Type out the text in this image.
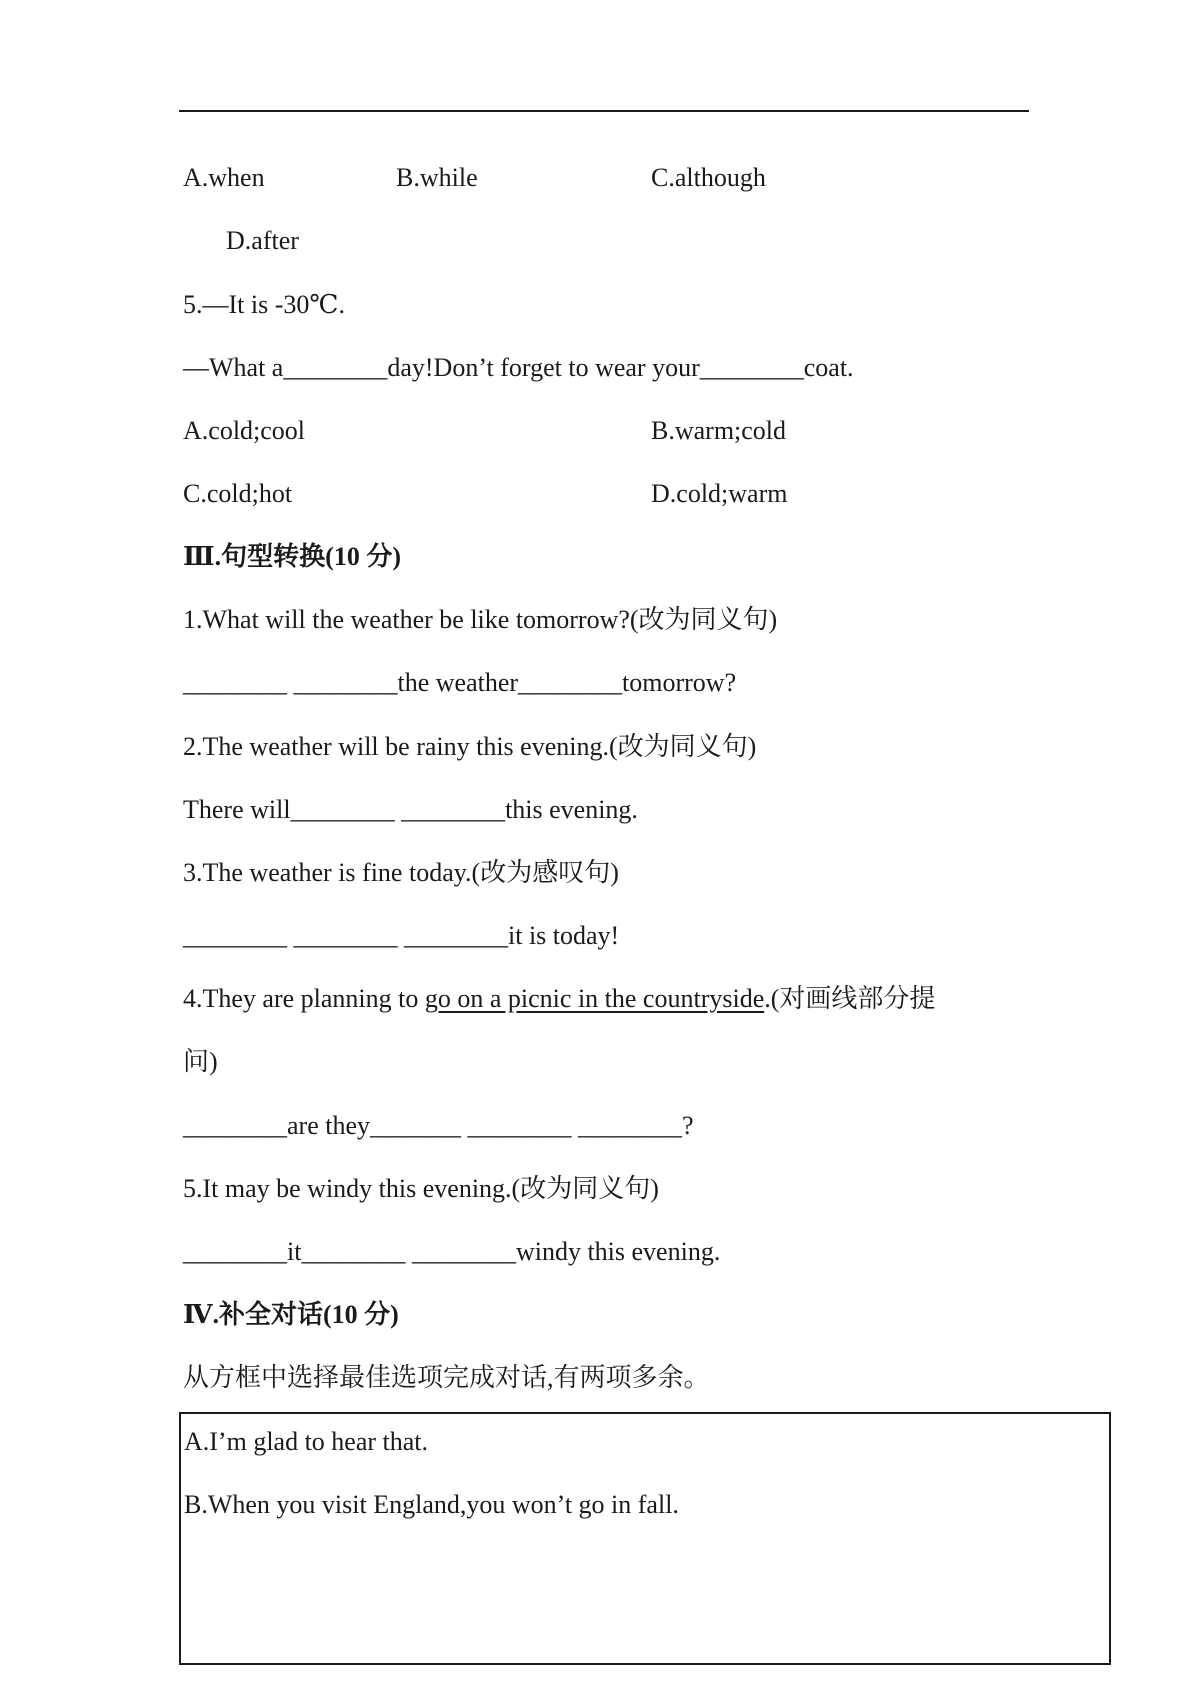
A.when	B.while	C.although
D.after
5.—It is -30℃.
—What a________day!Don’t forget to wear your________coat.
A.cold;cool	B.warm;cold
C.cold;hot	D.cold;warm
Ⅲ.句型转换(10 分)
1.What will the weather be like tomorrow?(改为同义句)
________ ________the weather________tomorrow?
2.The weather will be rainy this evening.(改为同义句)
There will________ ________this evening.
3.The weather is fine today.(改为感叹句)
________ ________ ________it is today!
4.They are planning to go on a picnic in the countryside.(对画线部分提
问)
________are they_______ ________ ________?
5.It may be windy this evening.(改为同义句)
________it________ ________windy this evening.
Ⅳ.补全对话(10 分)
从方框中选择最佳选项完成对话,有两项多余。
A.I’m glad to hear that.
B.When you visit England,you won’t go in fall.
